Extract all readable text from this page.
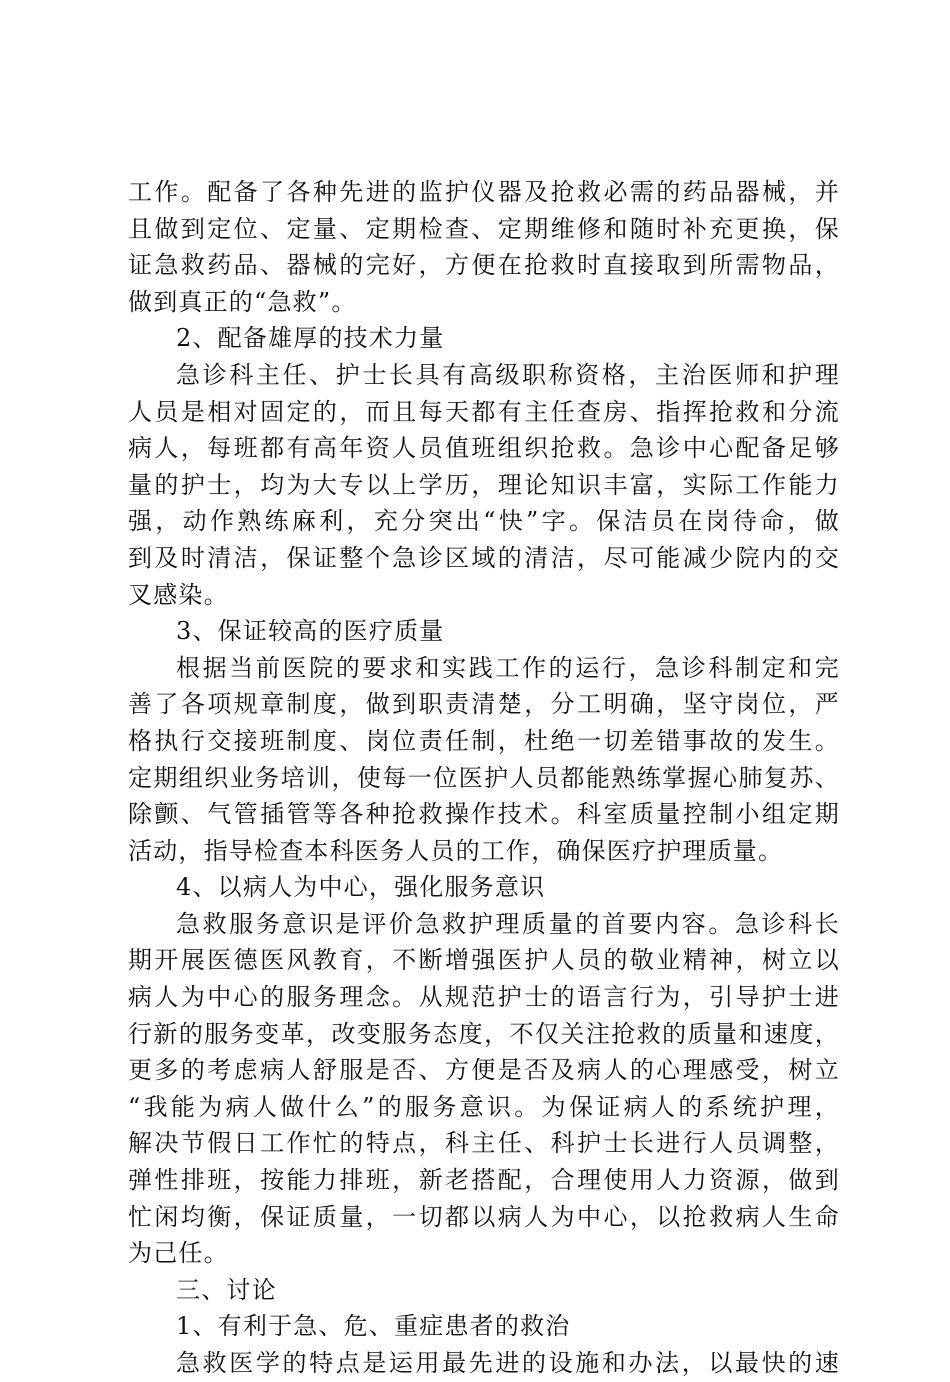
工作。配备了各种先进的监护仪器及抢救必需的药品器械，并
且做到定位、定量、定期检查、定期维修和随时补充更换，保
证急救药品、器械的完好，方便在抢救时直接取到所需物品，
做到真正的“急救”。
2、配备雄厚的技术力量
急诊科主任、护士长具有高级职称资格，主治医师和护理
人员是相对固定的，而且每天都有主任查房、指挥抢救和分流
病人，每班都有高年资人员值班组织抢救。急诊中心配备足够
量的护士，均为大专以上学历，理论知识丰富，实际工作能力
强，动作熟练麻利，充分突出“快”字。保洁员在岗待命，做
到及时清洁，保证整个急诊区域的清洁，尽可能减少院内的交
叉感染。
3、保证较高的医疗质量
根据当前医院的要求和实践工作的运行，急诊科制定和完
善了各项规章制度，做到职责清楚，分工明确，坚守岗位，严
格执行交接班制度、岗位责任制，杜绝一切差错事故的发生。
定期组织业务培训，使每一位医护人员都能熟练掌握心肺复苏、
除颤、气管插管等各种抢救操作技术。科室质量控制小组定期
活动，指导检查本科医务人员的工作，确保医疗护理质量。
4、以病人为中心，强化服务意识
急救服务意识是评价急救护理质量的首要内容。急诊科长
期开展医德医风教育，不断增强医护人员的敬业精神，树立以
病人为中心的服务理念。从规范护士的语言行为，引导护士进
行新的服务变革，改变服务态度，不仅关注抢救的质量和速度，
更多的考虑病人舒服是否、方便是否及病人的心理感受，树立
“我能为病人做什么”的服务意识。为保证病人的系统护理，
解决节假日工作忙的特点，科主任、科护士长进行人员调整，
弹性排班，按能力排班，新老搭配，合理使用人力资源，做到
忙闲均衡，保证质量，一切都以病人为中心，以抢救病人生命
为己任。
三、讨论
1、有利于急、危、重症患者的救治
急救医学的特点是运用最先进的设施和办法，以最快的速
